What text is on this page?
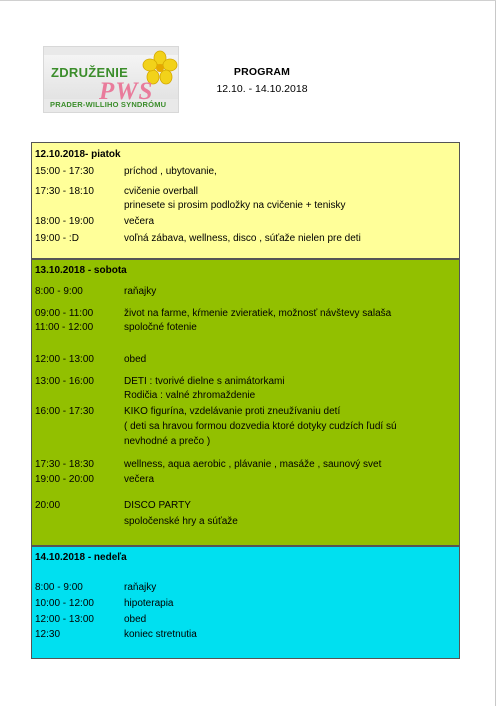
ZDRUŽENIE
PWS
PRADER-WILLIHO SYNDRÓMU
PROGRAM
12.10. - 14.10.2018
12.10.2018- piatok
15:00 - 17:30	príchod , ubytovanie,
17:30 - 18:10	cvičenie overball
prinesete si prosim podložky na cvičenie + tenisky
18:00 - 19:00	večera
19:00 - :D	voľná zábava, wellness, disco , súťaže nielen pre deti
13.10.2018 - sobota
8:00 - 9:00	raňajky
09:00 - 11:00	život na farme, kŕmenie zvieratiek, možnosť návštevy salaša
11:00 - 12:00	spoločné fotenie
12:00 - 13:00	obed
13:00 - 16:00	DETI : tvorivé dielne s animátorkami
Rodičia : valné zhromaždenie
16:00 - 17:30	KIKO figurína, vzdelávanie proti zneužívaniu detí
( deti sa hravou formou dozvedia ktoré dotyky cudzích ľudí sú
nevhodné a prečo )
17:30 - 18:30	wellness, aqua aerobic , plávanie , masáže , saunový svet
19:00 - 20:00	večera
20:00	DISCO PARTY
spoločenské hry a súťaže
14.10.2018 - nedeľa
8:00 - 9:00	raňajky
10:00 - 12:00	hipoterapia
12:00 - 13:00	obed
12:30	koniec stretnutia
